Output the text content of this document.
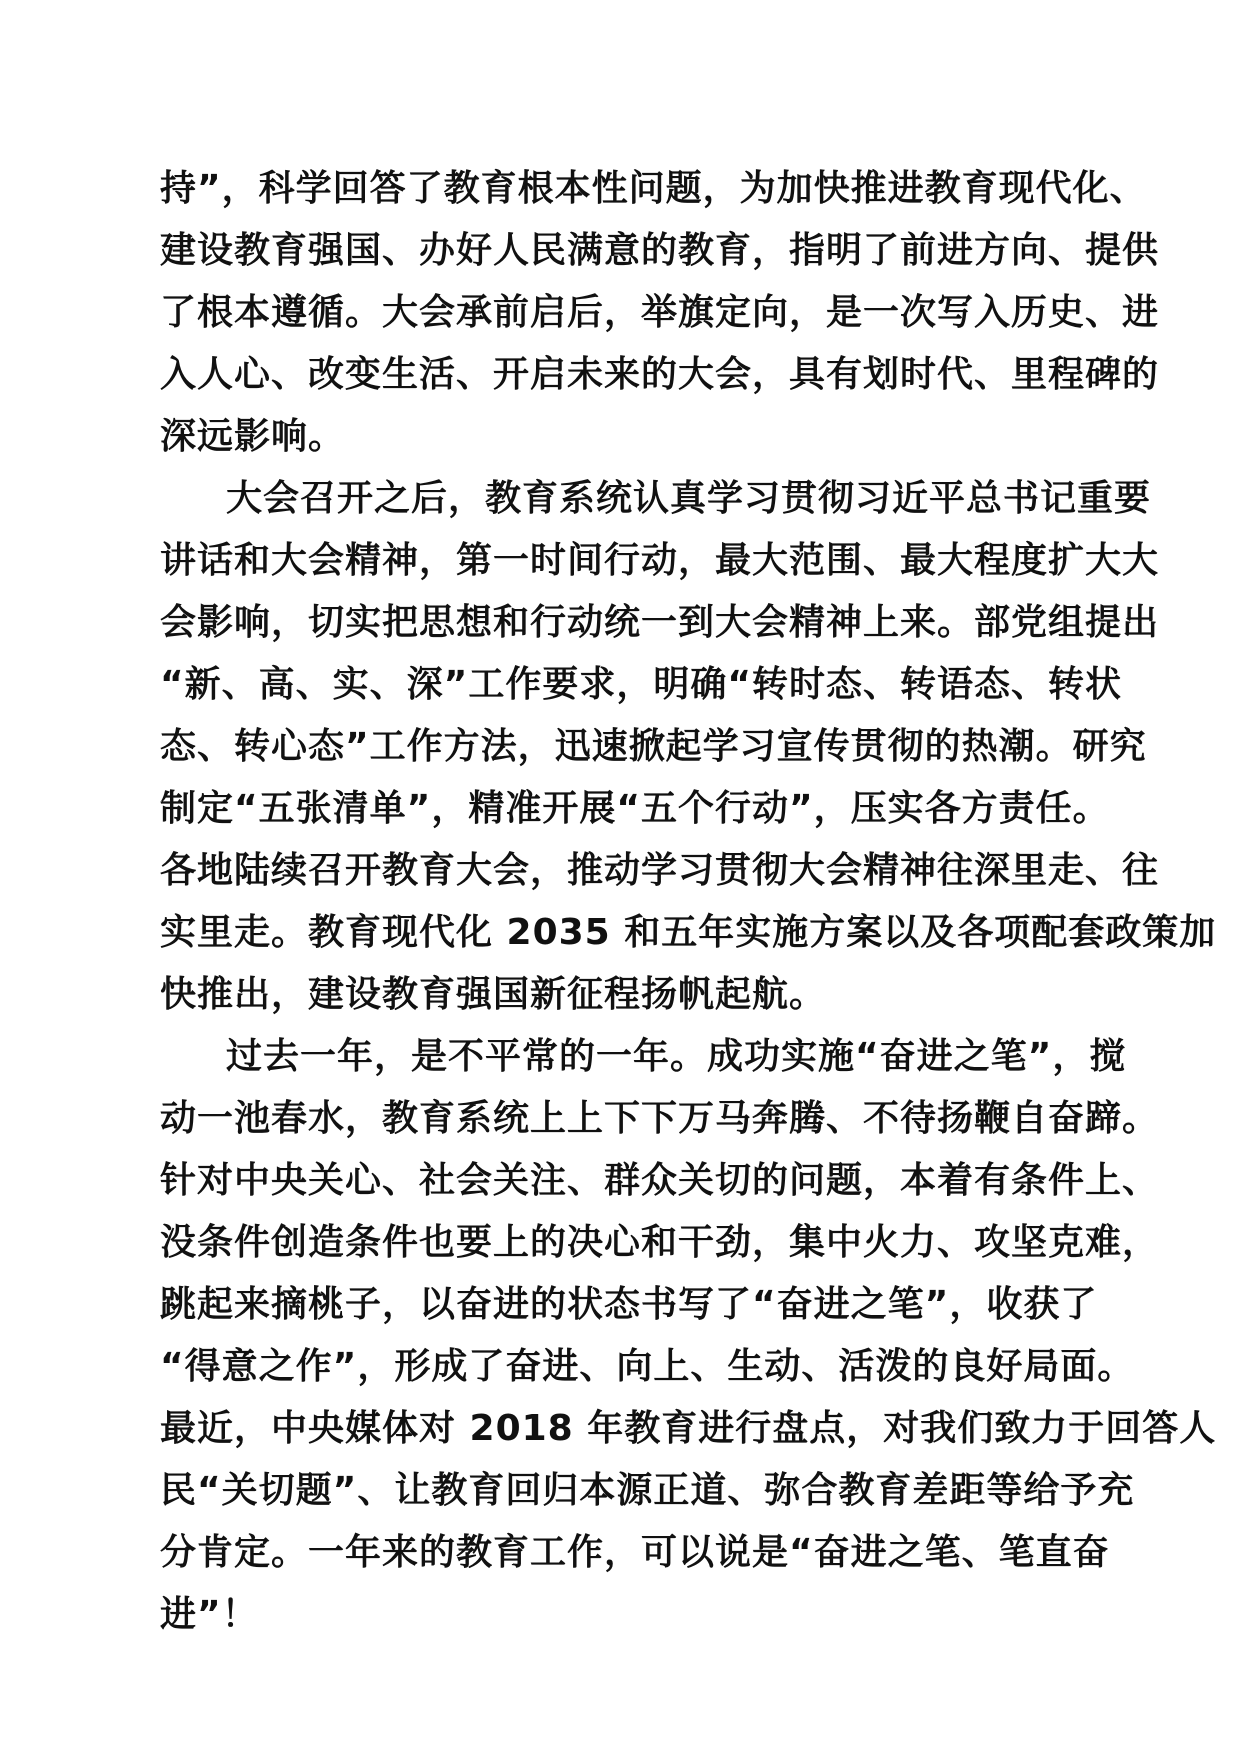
持”，科学回答了教育根本性问题，为加快推进教育现代化、
建设教育强国、办好人民满意的教育，指明了前进方向、提供
了根本遵循。大会承前启后，举旗定向，是一次写入历史、进
入人心、改变生活、开启未来的大会，具有划时代、里程碑的
深远影响。
大会召开之后，教育系统认真学习贯彻习近平总书记重要
讲话和大会精神，第一时间行动，最大范围、最大程度扩大大
会影响，切实把思想和行动统一到大会精神上来。部党组提出
“新、高、实、深”工作要求，明确“转时态、转语态、转状
态、转心态”工作方法，迅速掀起学习宣传贯彻的热潮。研究
制定“五张清单”，精准开展“五个行动”，压实各方责任。
各地陆续召开教育大会，推动学习贯彻大会精神往深里走、往
实里走。教育现代化 2035 和五年实施方案以及各项配套政策加
快推出，建设教育强国新征程扬帆起航。
过去一年，是不平常的一年。成功实施“奋进之笔”，搅
动一池春水，教育系统上上下下万马奔腾、不待扬鞭自奋蹄。
针对中央关心、社会关注、群众关切的问题，本着有条件上、
没条件创造条件也要上的决心和干劲，集中火力、攻坚克难，
跳起来摘桃子，以奋进的状态书写了“奋进之笔”，收获了
“得意之作”，形成了奋进、向上、生动、活泼的良好局面。
最近，中央媒体对 2018 年教育进行盘点，对我们致力于回答人
民“关切题”、让教育回归本源正道、弥合教育差距等给予充
分肯定。一年来的教育工作，可以说是“奋进之笔、笔直奋
进”！
